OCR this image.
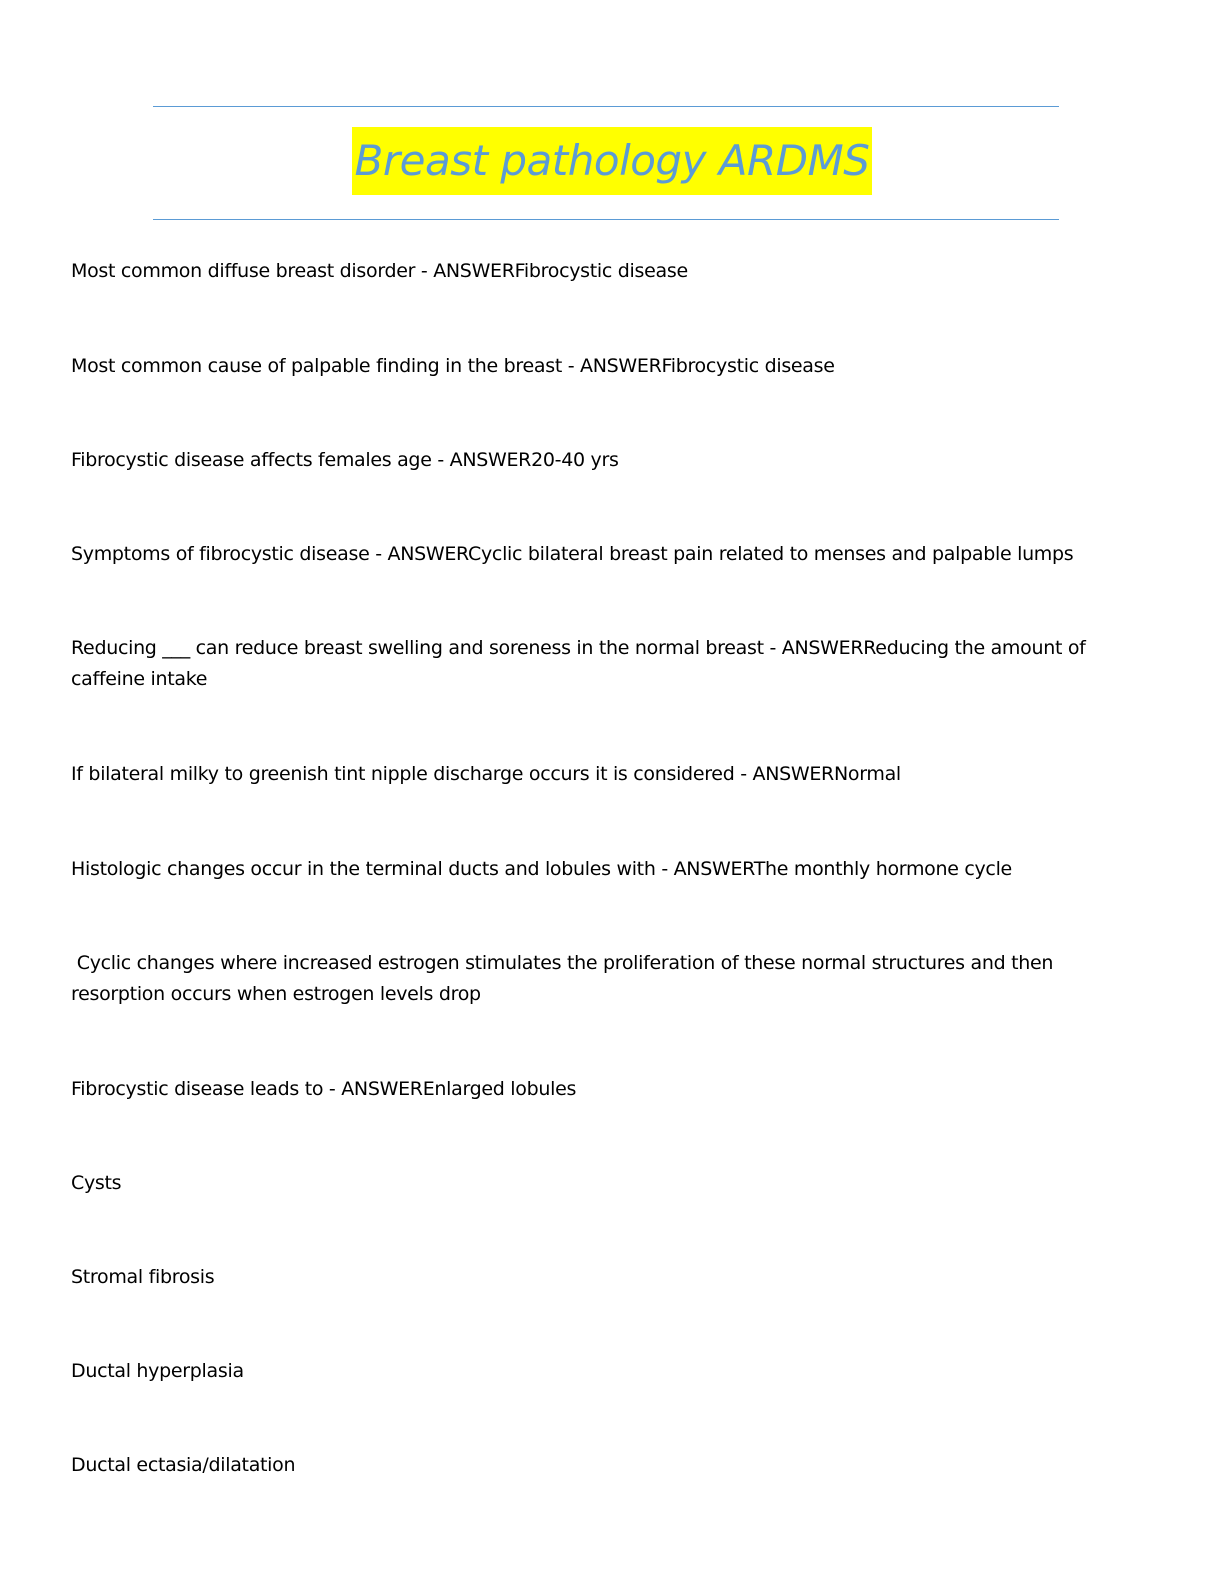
Breast pathology ARDMS
Most common diffuse breast disorder - ANSWERFibrocystic disease
Most common cause of palpable finding in the breast - ANSWERFibrocystic disease
Fibrocystic disease affects females age - ANSWER20-40 yrs
Symptoms of fibrocystic disease - ANSWERCyclic bilateral breast pain related to menses and palpable lumps
Reducing ___ can reduce breast swelling and soreness in the normal breast - ANSWERReducing the amount of caffeine intake
If bilateral milky to greenish tint nipple discharge occurs it is considered - ANSWERNormal
Histologic changes occur in the terminal ducts and lobules with - ANSWERThe monthly hormone cycle
Cyclic changes where increased estrogen stimulates the proliferation of these normal structures and then resorption occurs when estrogen levels drop
Fibrocystic disease leads to - ANSWEREnlarged lobules
Cysts
Stromal fibrosis
Ductal hyperplasia
Ductal ectasia/dilatation
